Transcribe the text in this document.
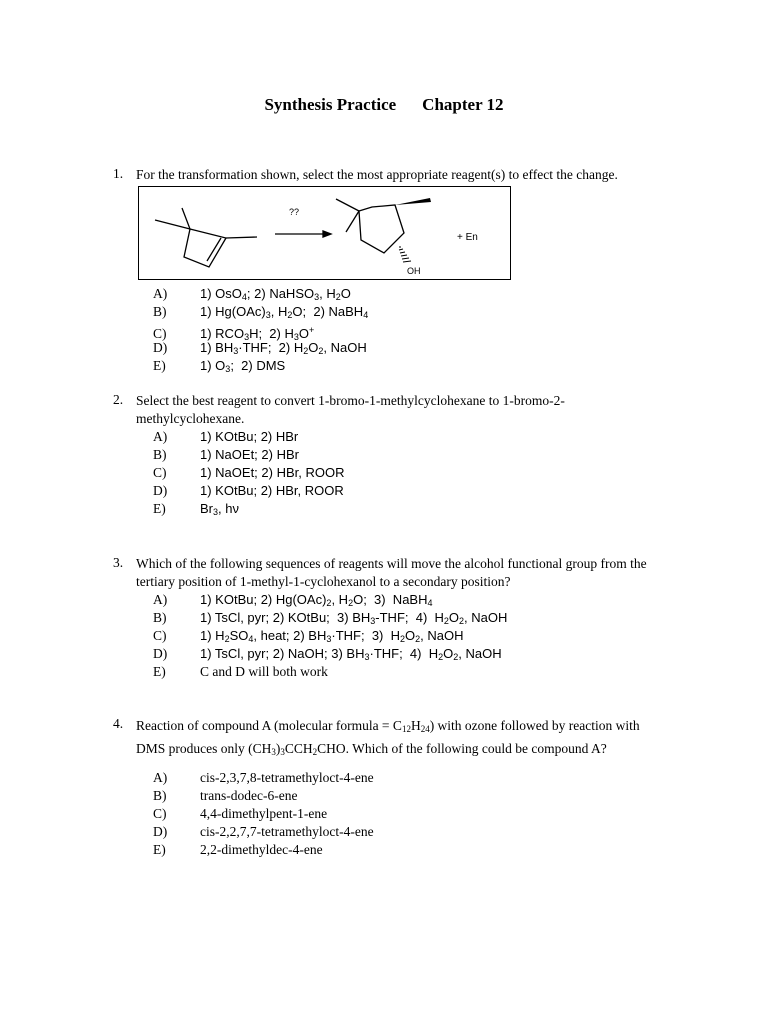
Synthesis Practice Chapter 12
1. For the transformation shown, select the most appropriate reagent(s) to effect the change.
??
+ En
OH
A)	1) OsO$_4$; 2) NaHSO$_3$, $H_2O$
B)	1) $Hg(OAc)_3$, $H_2O$;  2) NaBH$_4$
C)	1) $RCO_3H$;  2) $H_3O^+$
D)	1) $BH_3\cdot THF$;  2) $H_2O_2$, NaOH
E)	1) $O_3$;  2) DMS
2. Select the best reagent to convert 1-bromo-1-methylcyclohexane to 1-bromo-2-methylcyclohexane.
A)	1) KOtBu; 2) HBr
B)	1) NaOEt; 2) HBr
C)	1) NaOEt; 2) HBr, ROOR
D)	1) KOtBu; 2) HBr, ROOR
E)	$Br_3$, hν
3. Which of the following sequences of reagents will move the alcohol functional group from the tertiary position of 1-methyl-1-cyclohexanol to a secondary position?
A)	1) KOtBu; 2) $Hg(OAc)_2$, $H_2O$;  3)  NaBH$_4$
B)	1) TsCl, pyr; 2) KOtBu;  3) $BH_3$-THF;  4)  $H_2O_2$, NaOH
C)	1) $H_2SO_4$, heat; 2) $BH_3\cdot THF$;  3)  $H_2O_2$, NaOH
D)	1) TsCl, pyr; 2) NaOH; 3) $BH_3\cdot THF$;  4)  $H_2O_2$, NaOH
E)	C and D will both work
4. Reaction of compound A (molecular formula = $C_{12}H_{24}$) with ozone followed by reaction with DMS produces only $(CH_3)_3CCH_2CHO$. Which of the following could be compound A?
A) cis-2,3,7,8-tetramethyloct-4-ene
B) trans-dodec-6-ene
C) 4,4-dimethylpent-1-ene
D) cis-2,2,7,7-tetramethyloct-4-ene
E)	2,2-dimethyldec-4-ene
